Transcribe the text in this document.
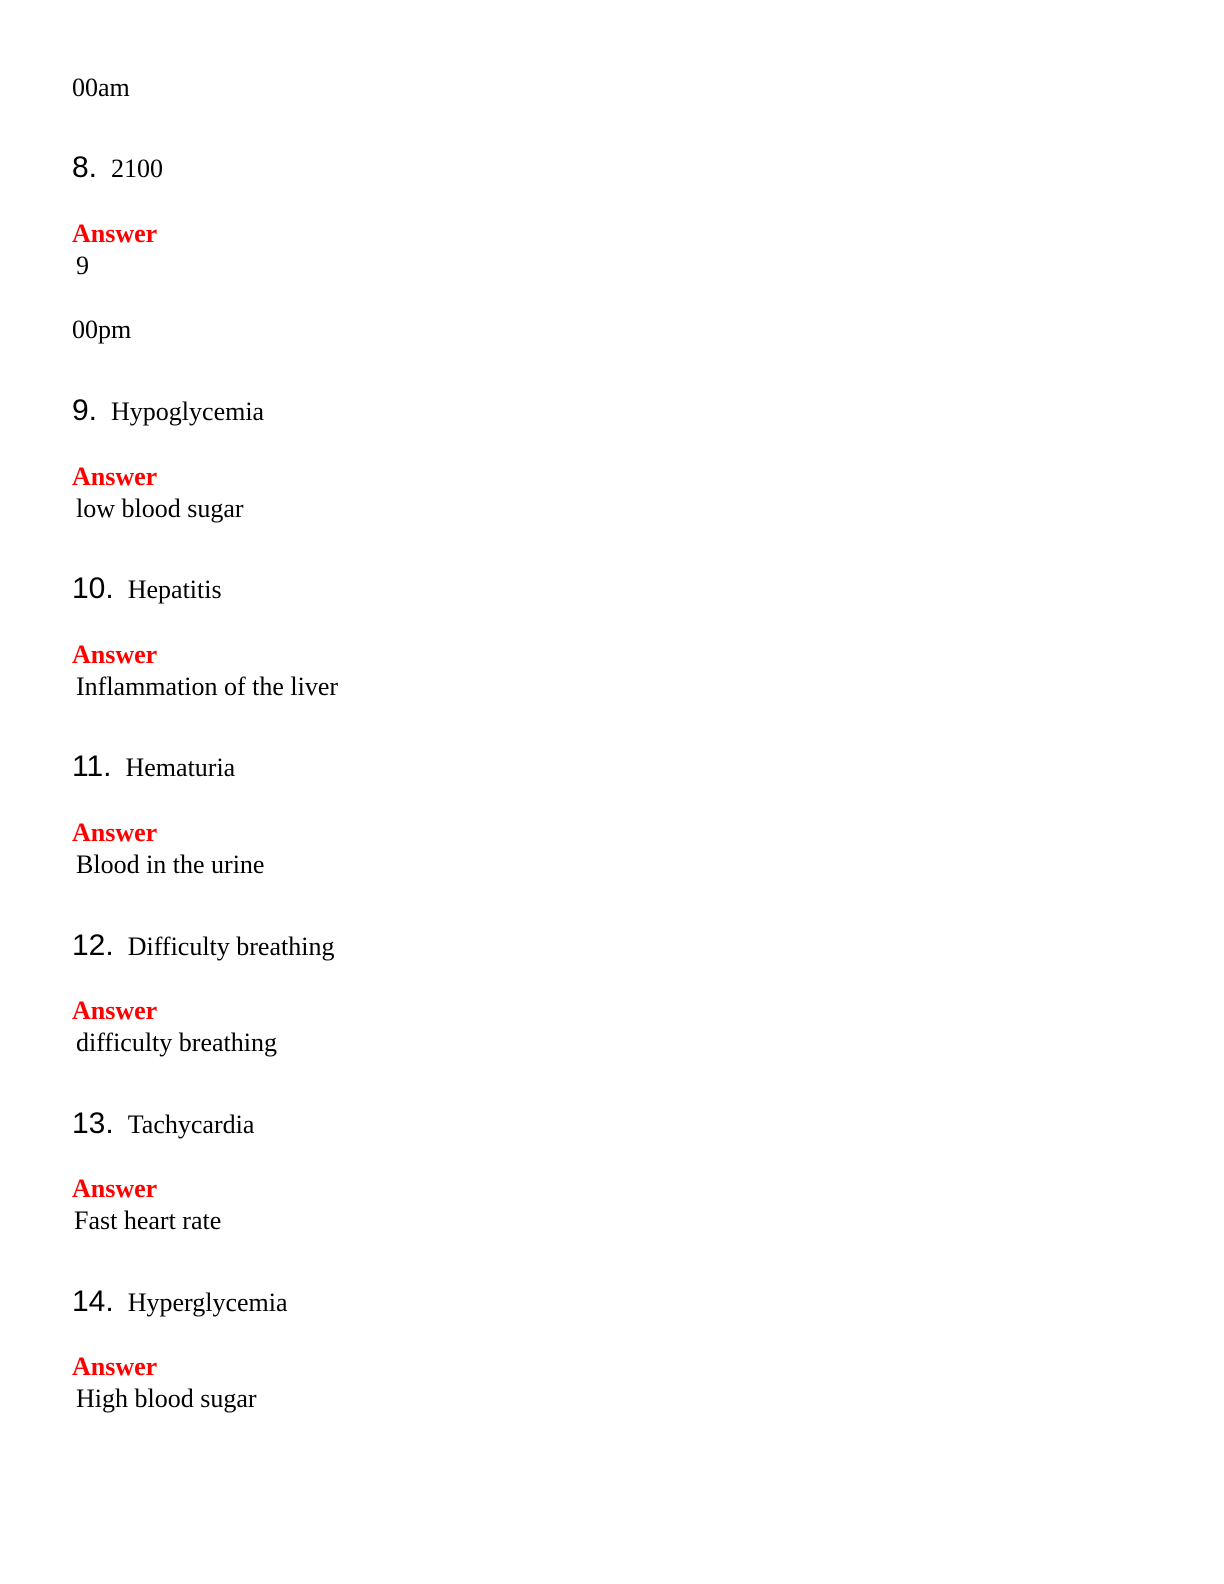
00am
8. 2100
Answer
9
00pm
9. Hypoglycemia
Answer
low blood sugar
10. Hepatitis
Answer
Inflammation of the liver
11. Hematuria
Answer
Blood in the urine
12. Difficulty breathing
Answer
difficulty breathing
13. Tachycardia
Answer
Fast heart rate
14. Hyperglycemia
Answer
High blood sugar
